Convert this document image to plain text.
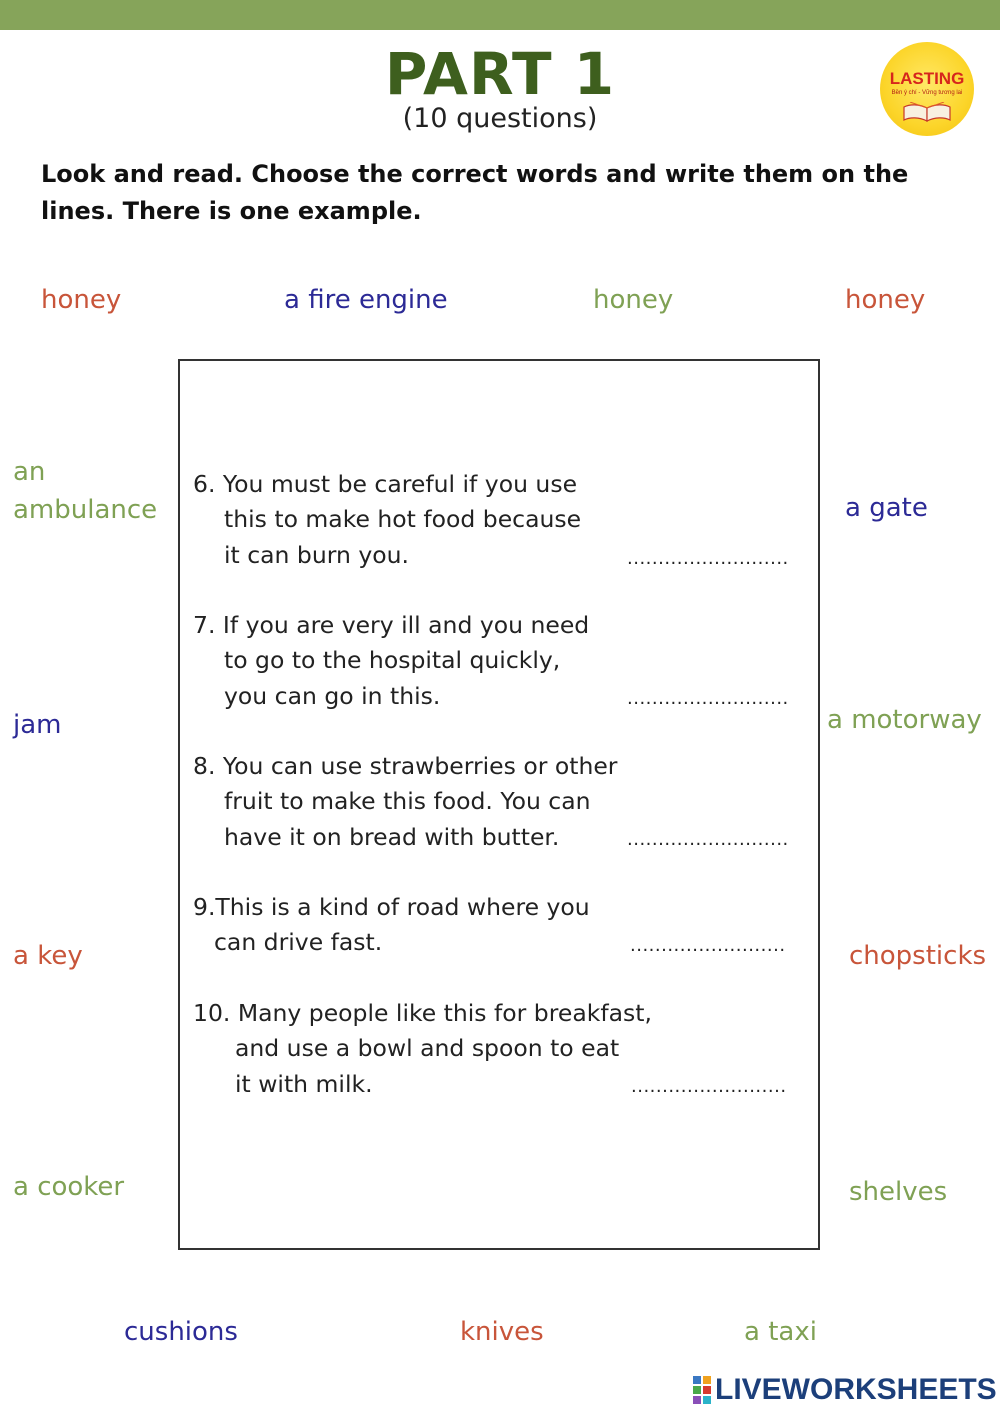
PART 1
(10 questions)
LASTING
Bền ý chí - Vững tương lai
Look and read. Choose the correct words and write them on the lines. There is one example.
honey	a fire engine	honey	honey
an
ambulance
jam
a key
a cooker
a gate
a motorway
chopsticks
shelves
cushions	knives	a taxi
6. You must be careful if you use
this to make hot food because
it can burn you.	..........................
7. If you are very ill and you need
to go to the hospital quickly,
you can go in this.	..........................
8. You can use strawberries or other
fruit to make this food. You can
have it on bread with butter.	..........................
9.This is a kind of road where you
can drive fast.	.........................
10. Many people like this for breakfast,
and use a bowl and spoon to eat
it with milk.	.........................
LIVEWORKSHEETS
